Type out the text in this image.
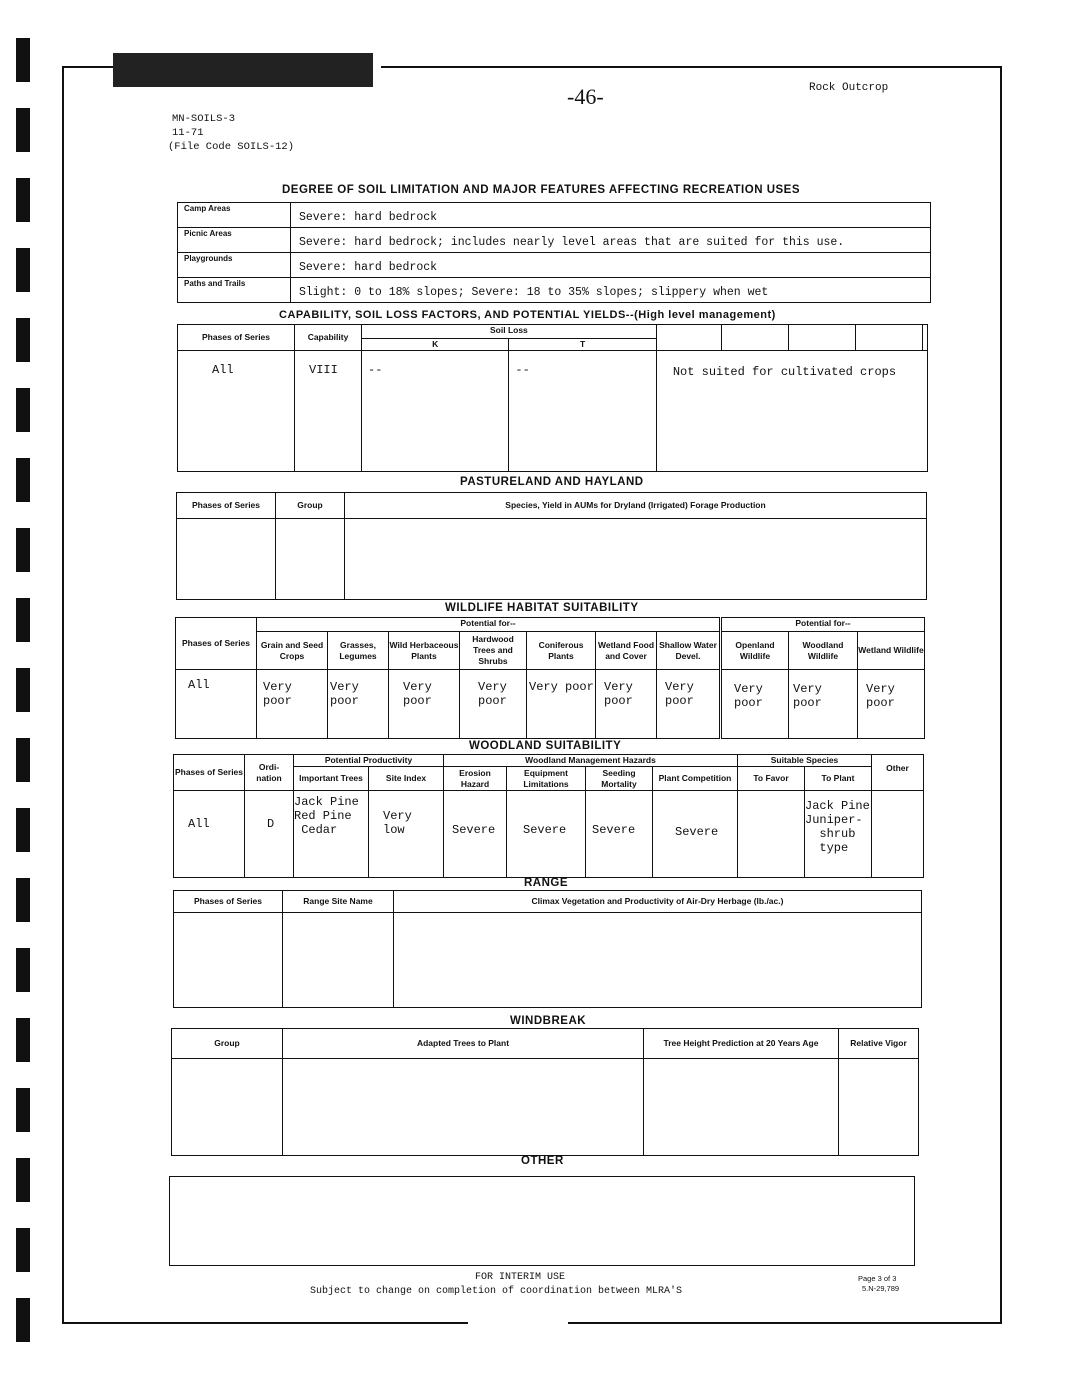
-46-	Rock Outcrop
MN-SOILS-3
11-71
(File Code SOILS-12)
DEGREE OF SOIL LIMITATION AND MAJOR FEATURES AFFECTING RECREATION USES
Camp Areas	Severe: hard bedrock
Picnic Areas	Severe: hard bedrock; includes nearly level areas that are suited for this use.
Playgrounds	Severe: hard bedrock
Paths and Trails	Slight: 0 to 18% slopes; Severe: 18 to 35% slopes; slippery when wet
CAPABILITY, SOIL LOSS FACTORS, AND POTENTIAL YIELDS--(High level management)
Phases of Series	Capability	Soil Loss						
		K	T					
All	VIII	--	--	Not suited for cultivated crops				
PASTURELAND AND HAYLAND
Phases of Series	Group	Species, Yield in AUMs for Dryland (Irrigated) Forage Production

WILDLIFE HABITAT SUITABILITY
Phases of Series	Potential for--							Potential for--		
	Grain and Seed Crops	Grasses, Legumes	Wild Herbaceous Plants	Hardwood Trees and Shrubs	Coniferous Plants	Wetland Food and Cover	Shallow Water Devel.	Openland Wildlife	Woodland Wildlife	Wetland Wildlife
All	Very poor	Very poor	Very poor	Very poor	Very poor	Very poor	Very poor	Very poor	Very poor	Very poor
WOODLAND SUITABILITY
Phases of Series	Ordi- nation	Potential Productivity		Woodland Management Hazards				Suitable Species		Other
		Important Trees	Site Index	Erosion Hazard	Equipment Limitations	Seeding Mortality	Plant Competition	To Favor	To Plant	
All	D	Jack Pine
Red Pine
Cedar	Very
low	Severe	Severe	Severe	Severe		Jack Pine
Juniper-
shrub
type	
RANGE
Phases of Series	Range Site Name	Climax Vegetation and Productivity of Air-Dry Herbage (lb./ac.)

WINDBREAK
Group	Adapted Trees to Plant	Tree Height Prediction at 20 Years Age	Relative Vigor

OTHER
FOR INTERIM USE
Subject to change on completion of coordination between MLRA'S
Page 3 of 3
5.N-29,789
